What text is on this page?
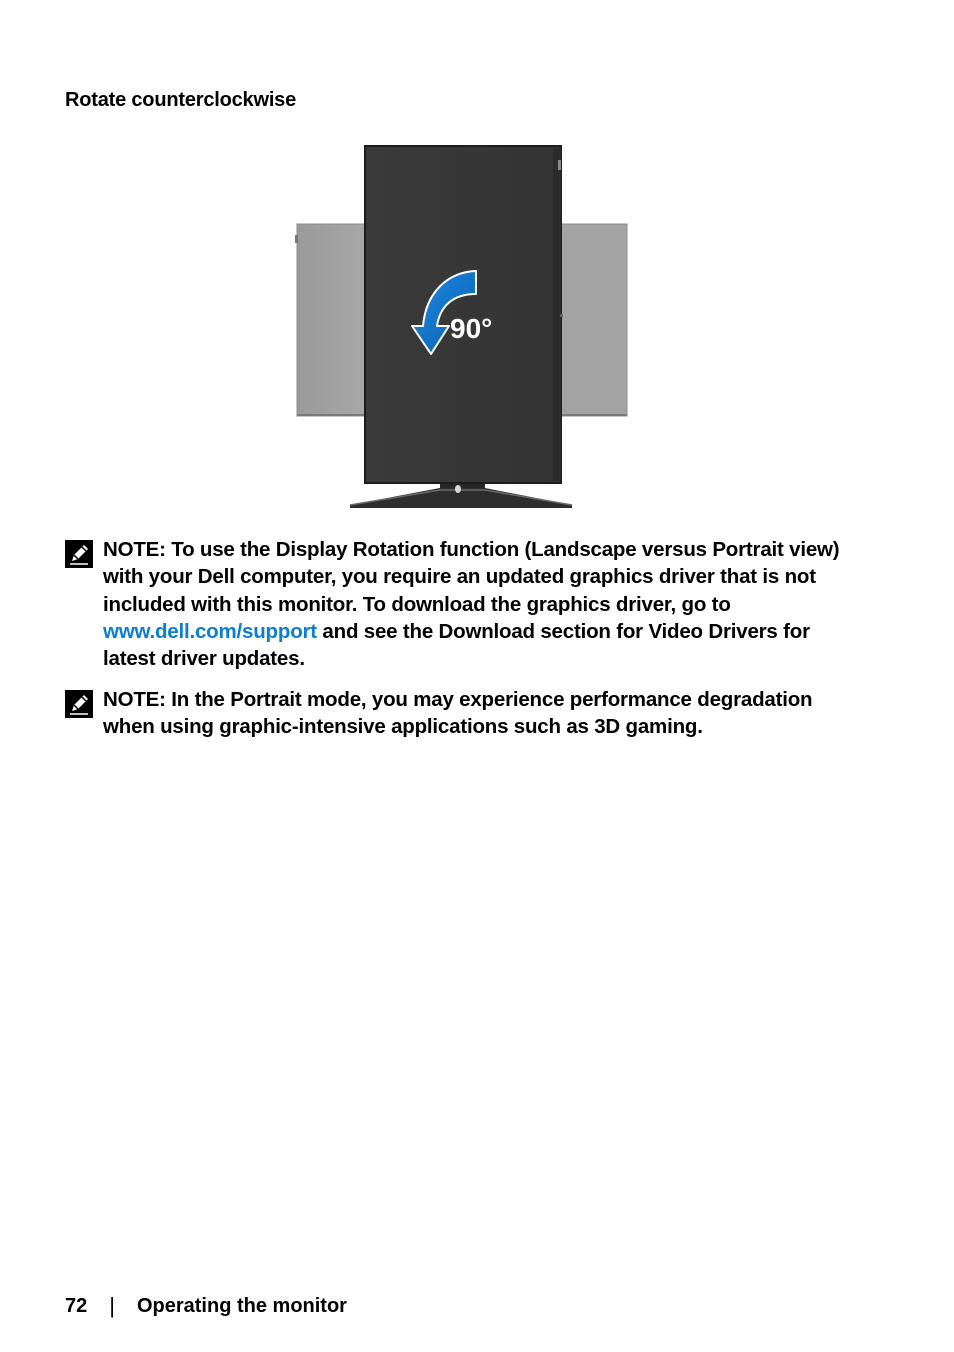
Rotate counterclockwise
90°
NOTE: To use the Display Rotation function (Landscape versus Portrait view) with your Dell computer, you require an updated graphics driver that is not included with this monitor. To download the graphics driver, go to www.dell.com/support and see the Download section for Video Drivers for latest driver updates.
NOTE: In the Portrait mode, you may experience performance degradation when using graphic-intensive applications such as 3D gaming.
72 | Operating the monitor
